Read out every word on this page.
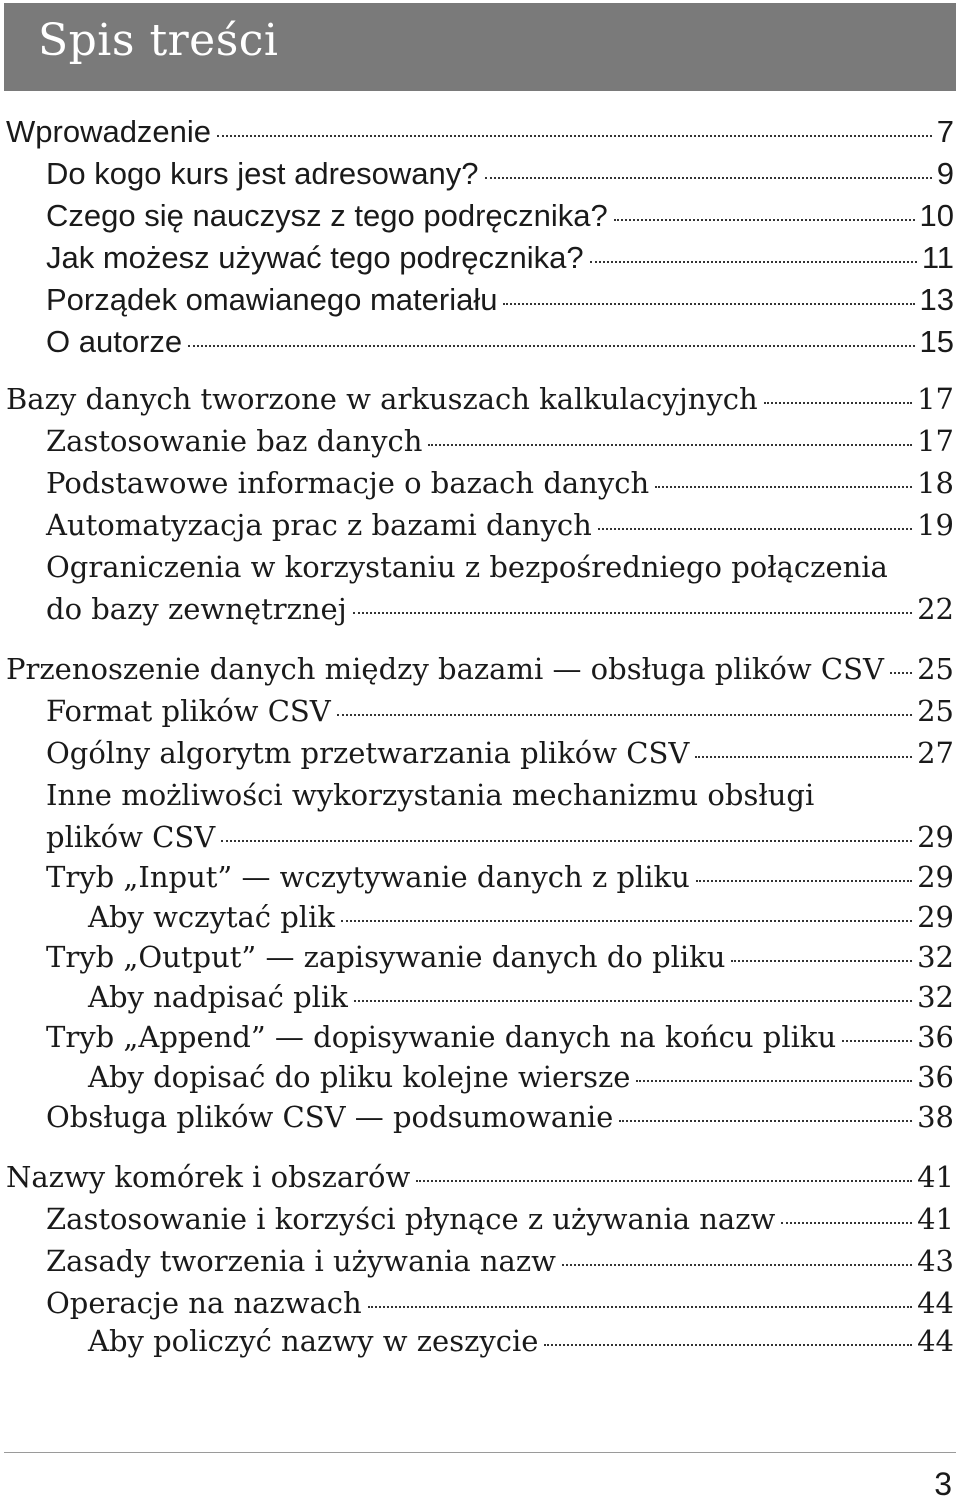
Spis treści
Wprowadzenie	7
Do kogo kurs jest adresowany?	9
Czego się nauczysz z tego podręcznika?	10
Jak możesz używać tego podręcznika?	11
Porządek omawianego materiału	13
O autorze	15
Bazy danych tworzone w arkuszach kalkulacyjnych	17
Zastosowanie baz danych	17
Podstawowe informacje o bazach danych	18
Automatyzacja prac z bazami danych	19
Ograniczenia w korzystaniu z bezpośredniego połączenia
do bazy zewnętrznej	22
Przenoszenie danych między bazami — obsługa plików CSV 25
Format plików CSV	25
Ogólny algorytm przetwarzania plików CSV	27
Inne możliwości wykorzystania mechanizmu obsługi
plików CSV	29
Tryb „Input” — wczytywanie danych z pliku	29
Aby wczytać plik	29
Tryb „Output” — zapisywanie danych do pliku	32
Aby nadpisać plik	32
Tryb „Append” — dopisywanie danych na końcu pliku	36
Aby dopisać do pliku kolejne wiersze	36
Obsługa plików CSV — podsumowanie	38
Nazwy komórek i obszarów	41
Zastosowanie i korzyści płynące z używania nazw	41
Zasady tworzenia i używania nazw	43
Operacje na nazwach	44
Aby policzyć nazwy w zeszycie	44
3
